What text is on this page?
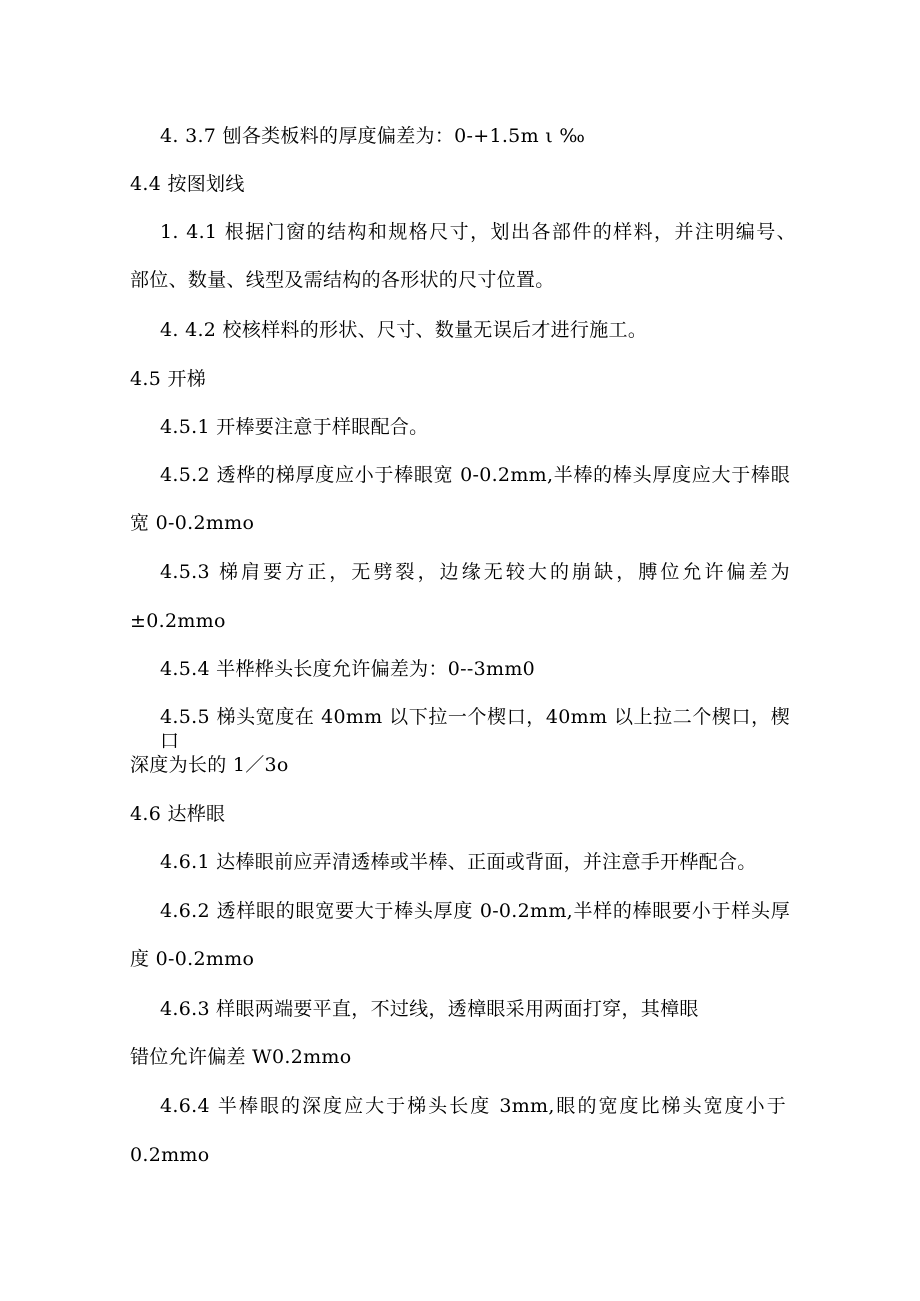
4. 3.7 刨各类板料的厚度偏差为：0-+1.5m ι ‰
4.4 按图划线
1. 4.1 根据门窗的结构和规格尺寸，划出各部件的样料，并注明编号、
部位、数量、线型及需结构的各形状的尺寸位置。
4. 4.2 校核样料的形状、尺寸、数量无误后才进行施工。
4.5 开梯
4.5.1 开棒要注意于样眼配合。
4.5.2 透桦的梯厚度应小于棒眼宽 0-0.2mm,半棒的棒头厚度应大于棒眼
宽 0-0.2mmo
4.5.3 梯肩要方正，无劈裂，边缘无较大的崩缺，膊位允许偏差为
±0.2mmo
4.5.4 半桦桦头长度允许偏差为：0--3mm0
4.5.5 梯头宽度在 40mm 以下拉一个楔口，40mm 以上拉二个楔口，楔口
深度为长的 1／3o
4.6 达桦眼
4.6.1 达棒眼前应弄清透棒或半棒、正面或背面，并注意手开桦配合。
4.6.2 透样眼的眼宽要大于棒头厚度 0-0.2mm,半样的棒眼要小于样头厚
度 0-0.2mmo
4.6.3 样眼两端要平直，不过线，透樟眼采用两面打穿，其樟眼
错位允许偏差 W0.2mmo
4.6.4 半棒眼的深度应大于梯头长度 3mm,眼的宽度比梯头宽度小于
0.2mmo
